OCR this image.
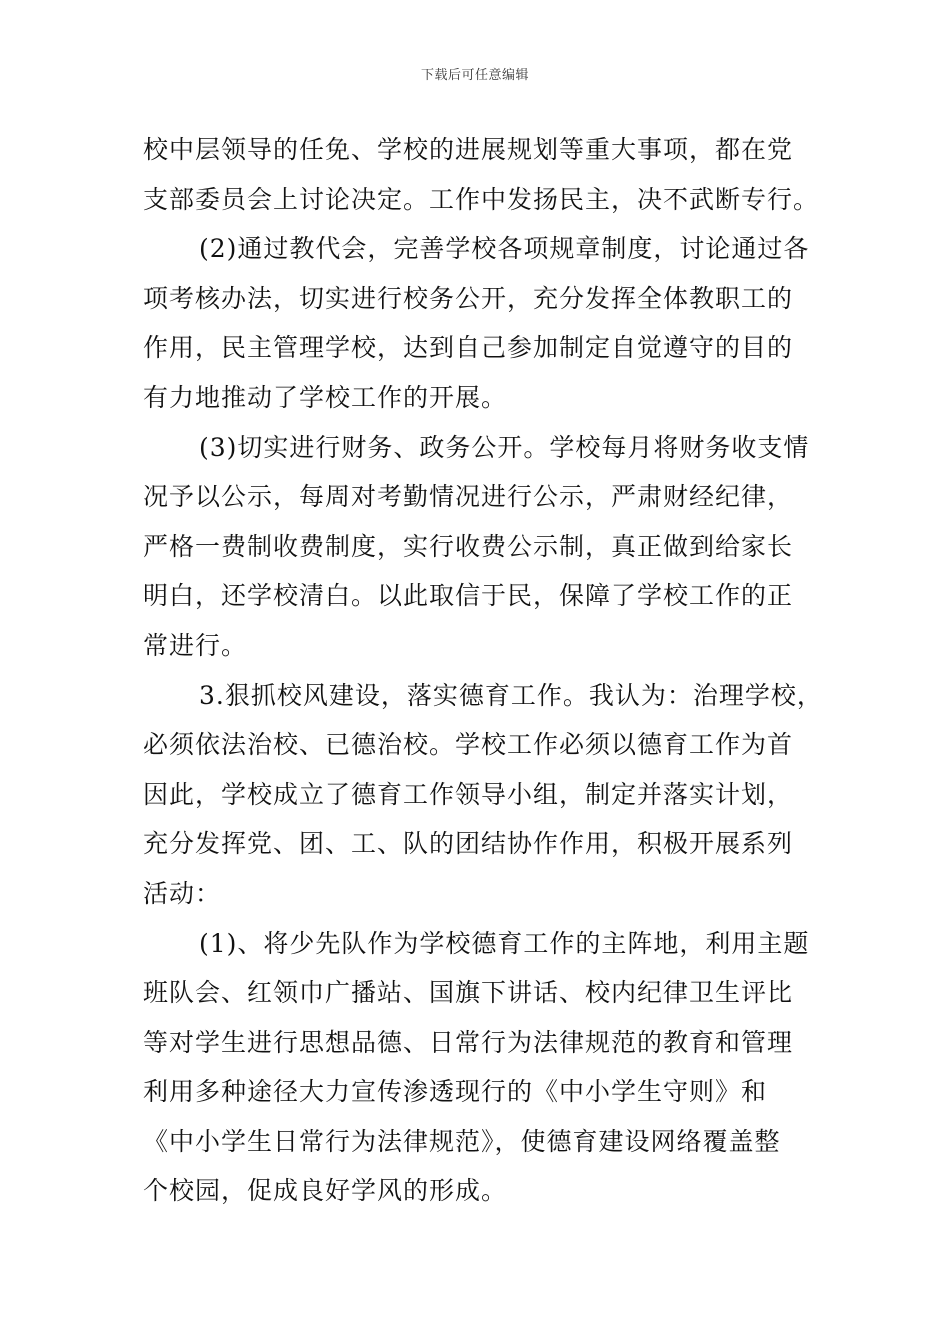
下载后可任意编辑
校中层领导的任免、学校的进展规划等重大事项，都在党
支部委员会上讨论决定。工作中发扬民主，决不武断专行。
(2)通过教代会，完善学校各项规章制度，讨论通过各
项考核办法，切实进行校务公开，充分发挥全体教职工的
作用，民主管理学校，达到自己参加制定自觉遵守的目的
有力地推动了学校工作的开展。
(3)切实进行财务、政务公开。学校每月将财务收支情
况予以公示，每周对考勤情况进行公示，严肃财经纪律，
严格一费制收费制度，实行收费公示制，真正做到给家长
明白，还学校清白。以此取信于民，保障了学校工作的正
常进行。
3.狠抓校风建设，落实德育工作。我认为：治理学校，
必须依法治校、已德治校。学校工作必须以德育工作为首
因此，学校成立了德育工作领导小组，制定并落实计划，
充分发挥党、团、工、队的团结协作作用，积极开展系列
活动：
(1)、将少先队作为学校德育工作的主阵地，利用主题
班队会、红领巾广播站、国旗下讲话、校内纪律卫生评比
等对学生进行思想品德、日常行为法律规范的教育和管理
利用多种途径大力宣传渗透现行的《中小学生守则》和
《中小学生日常行为法律规范》，使德育建设网络覆盖整
个校园，促成良好学风的形成。
